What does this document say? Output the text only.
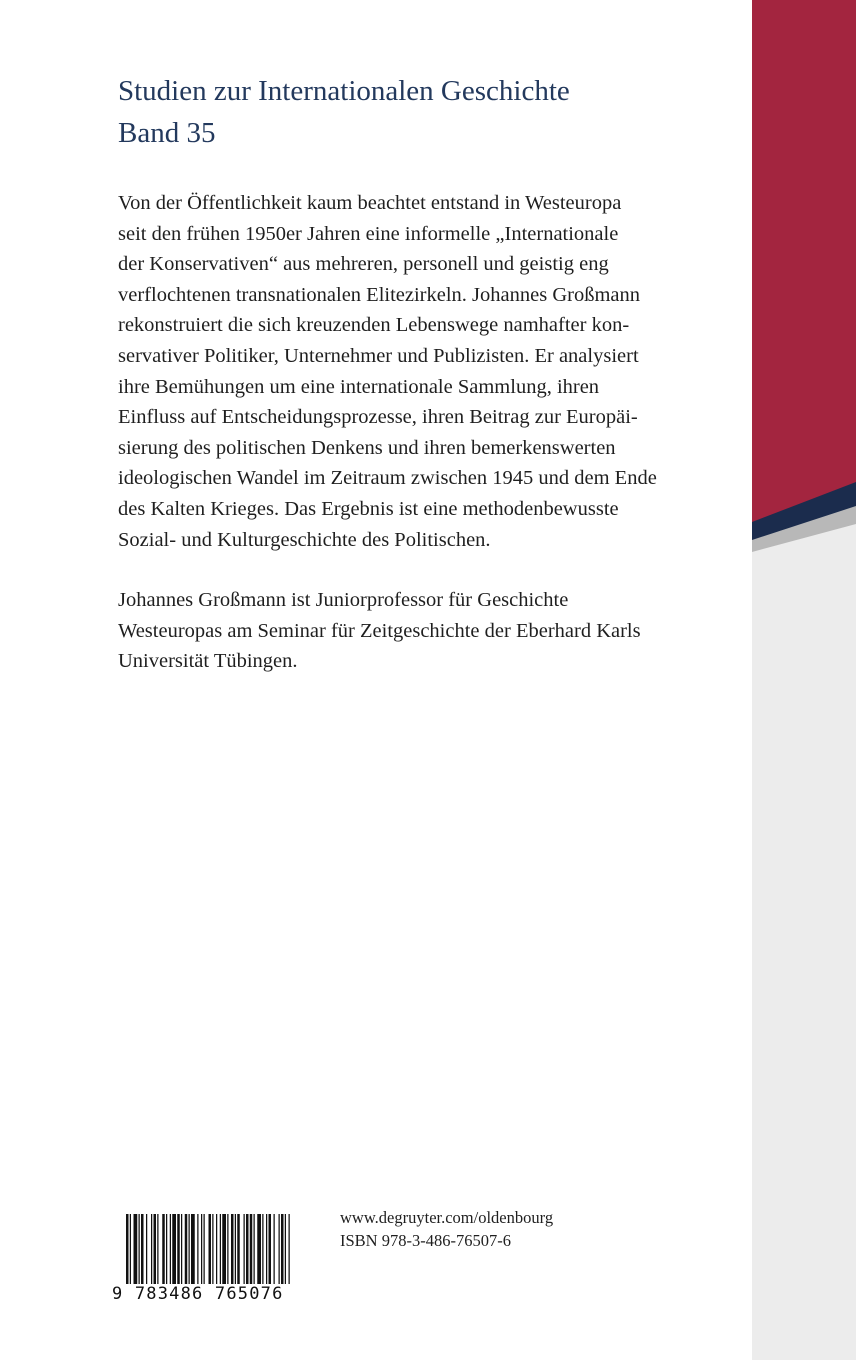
Studien zur Internationalen Geschichte
Band 35

Von der Öffentlichkeit kaum beachtet entstand in Westeuropa
seit den frühen 1950er Jahren eine informelle „Internationale
der Konservativen“ aus mehreren, personell und geistig eng
verflochtenen transnationalen Elitezirkeln. Johannes Großmann
rekonstruiert die sich kreuzenden Lebenswege namhafter kon-
servativer Politiker, Unternehmer und Publizisten. Er analysiert
ihre Bemühungen um eine internationale Sammlung, ihren
Einfluss auf Entscheidungsprozesse, ihren Beitrag zur Europäi-
sierung des politischen Denkens und ihren bemerkenswerten
ideologischen Wandel im Zeitraum zwischen 1945 und dem Ende
des Kalten Krieges. Das Ergebnis ist eine methodenbewusste
Sozial- und Kulturgeschichte des Politischen.

Johannes Großmann ist Juniorprofessor für Geschichte
Westeuropas am Seminar für Zeitgeschichte der Eberhard Karls
Universität Tübingen.

9 783486 765076
www.degruyter.com/oldenbourg
ISBN 978-3-486-76507-6
